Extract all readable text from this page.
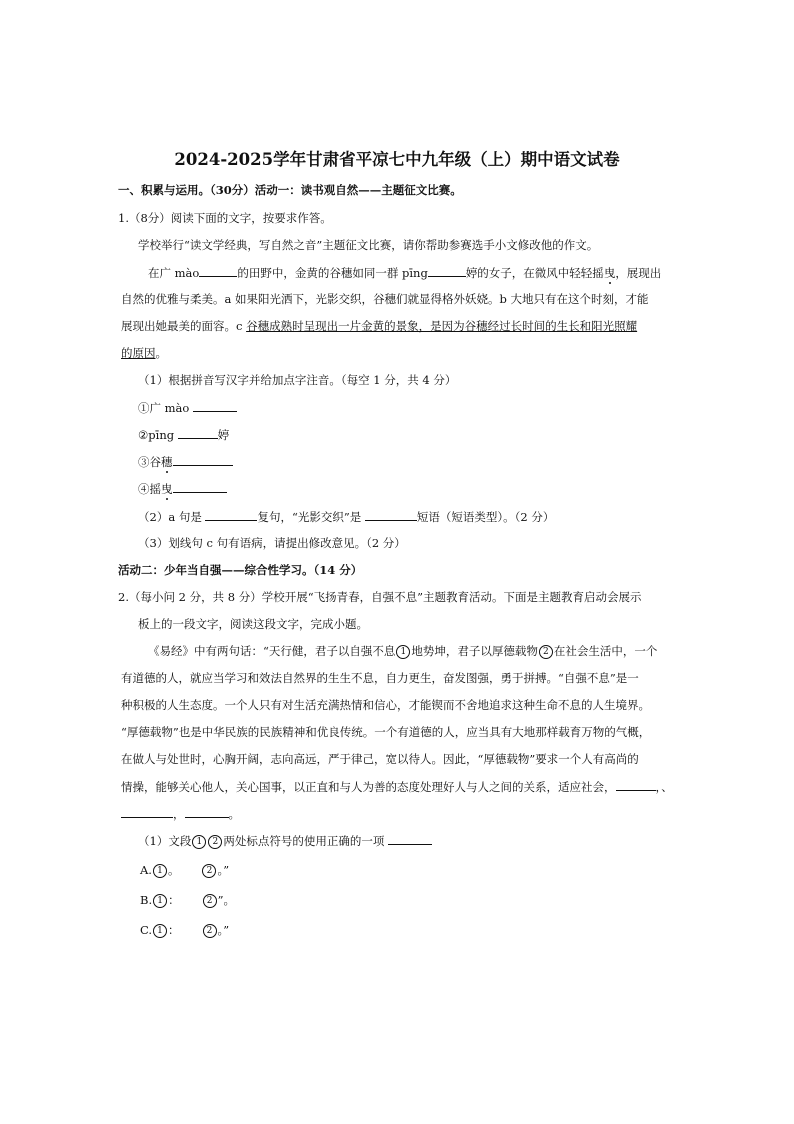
2024-2025学年甘肃省平凉七中九年级（上）期中语文试卷
一、积累与运用。（30分）活动一：读书观自然——主题征文比赛。
1.（8分）阅读下面的文字，按要求作答。
学校举行“读文学经典，写自然之音”主题征文比赛，请你帮助参赛选手小文修改他的作文。
在广 mào	的田野中，金黄的谷穗如同一群 pīng	婷的女子，在微风中轻轻摇曳，展现出
自然的优雅与柔美。a 如果阳光洒下，光影交织，谷穗们就显得格外妖娆。b 大地只有在这个时刻，才能
展现出她最美的面容。c 谷穗成熟时呈现出一片金黄的景象，是因为谷穗经过长时间的生长和阳光照耀
的原因。
（1）根据拼音写汉字并给加点字注音。（每空 1 分，共 4 分）
①广 mào
②pīng	婷
③谷穗
④摇曳
（2）a 句是	复句，“光影交织”是	短语（短语类型）。（2 分）
（3）划线句 c 句有语病，请提出修改意见。（2 分）
活动二：少年当自强——综合性学习。（14 分）
2.（每小问 2 分，共 8 分）学校开展“飞扬青春，自强不息”主题教育活动。下面是主题教育启动会展示
板上的一段文字，阅读这段文字，完成小题。
《易经》中有两句话：“天行健，君子以自强不息 1 地势坤，君子以厚德载物 2 在社会生活中，一个
有道德的人，就应当学习和效法自然界的生生不息，自力更生，奋发图强，勇于拼搏。“自强不息”是一
种积极的人生态度。一个人只有对生活充满热情和信心，才能锲而不舍地追求这种生命不息的人生境界。
“厚德载物”也是中华民族的民族精神和优良传统。一个有道德的人，应当具有大地那样载育万物的气概，
在做人与处世时，心胸开阔，志向高远，严于律己，宽以待人。因此，“厚德载物”要求一个人有高尚的
情操，能够关心他人，关心国事，以正直和与人为善的态度处理好人与人之间的关系，适应社会，	，、
，	。
（1）文段 1 2 两处标点符号的使用正确的一项
A. 1 。	2 。”
B. 1 ：	2 ”。
C. 1 ：	2 。”
